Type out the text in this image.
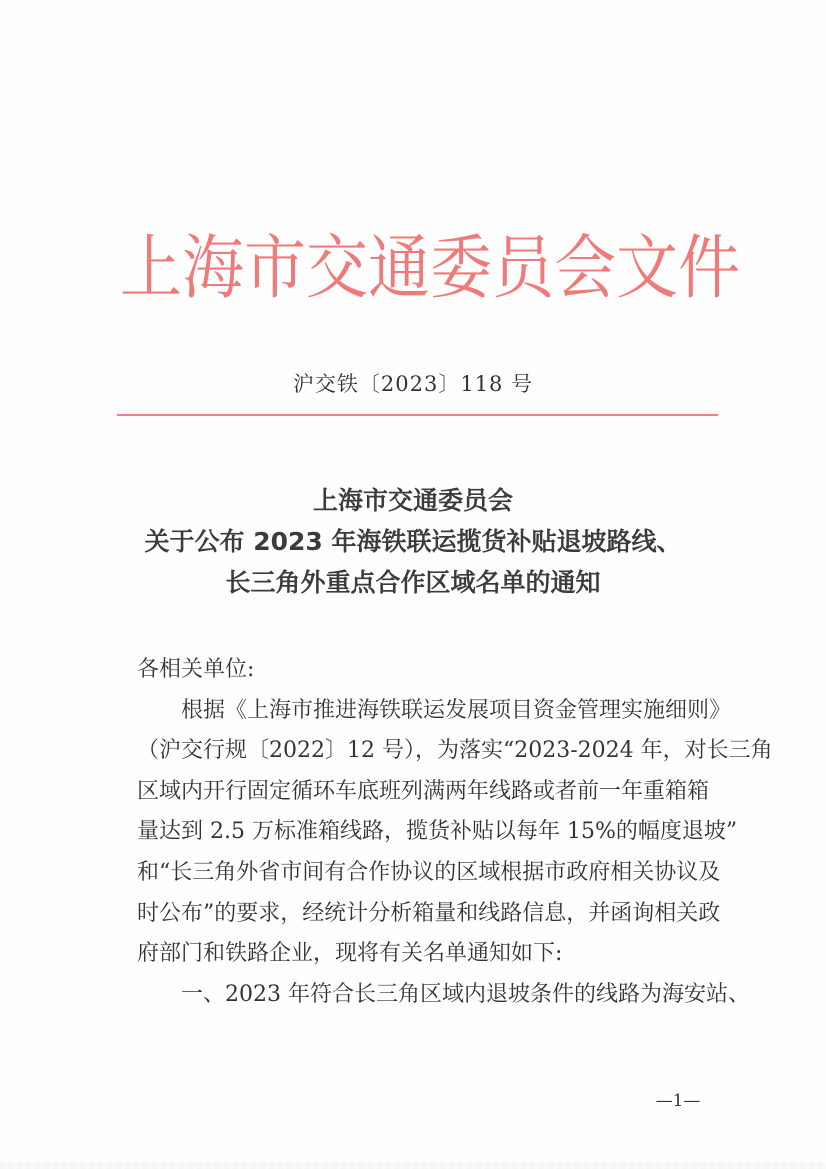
上 海 市 交 通 委 员 会 文 件
沪交铁〔2023〕118 号
上海市交通委员会
关于公布 2023 年海铁联运揽货补贴退坡路线、
长三角外重点合作区域名单的通知
各相关单位:
根据《上海市推进海铁联运发展项目资金管理实施细则》
（沪交行规〔2022〕12 号），为落实“2023-2024 年，对长三角
区域内开行固定循环车底班列满两年线路或者前一年重箱箱
量达到 2.5 万标准箱线路，揽货补贴以每年 15%的幅度退坡”
和“长三角外省市间有合作协议的区域根据市政府相关协议及
时公布”的要求，经统计分析箱量和线路信息，并函询相关政
府部门和铁路企业，现将有关名单通知如下:
一、2023 年符合长三角区域内退坡条件的线路为海安站、
—1—
